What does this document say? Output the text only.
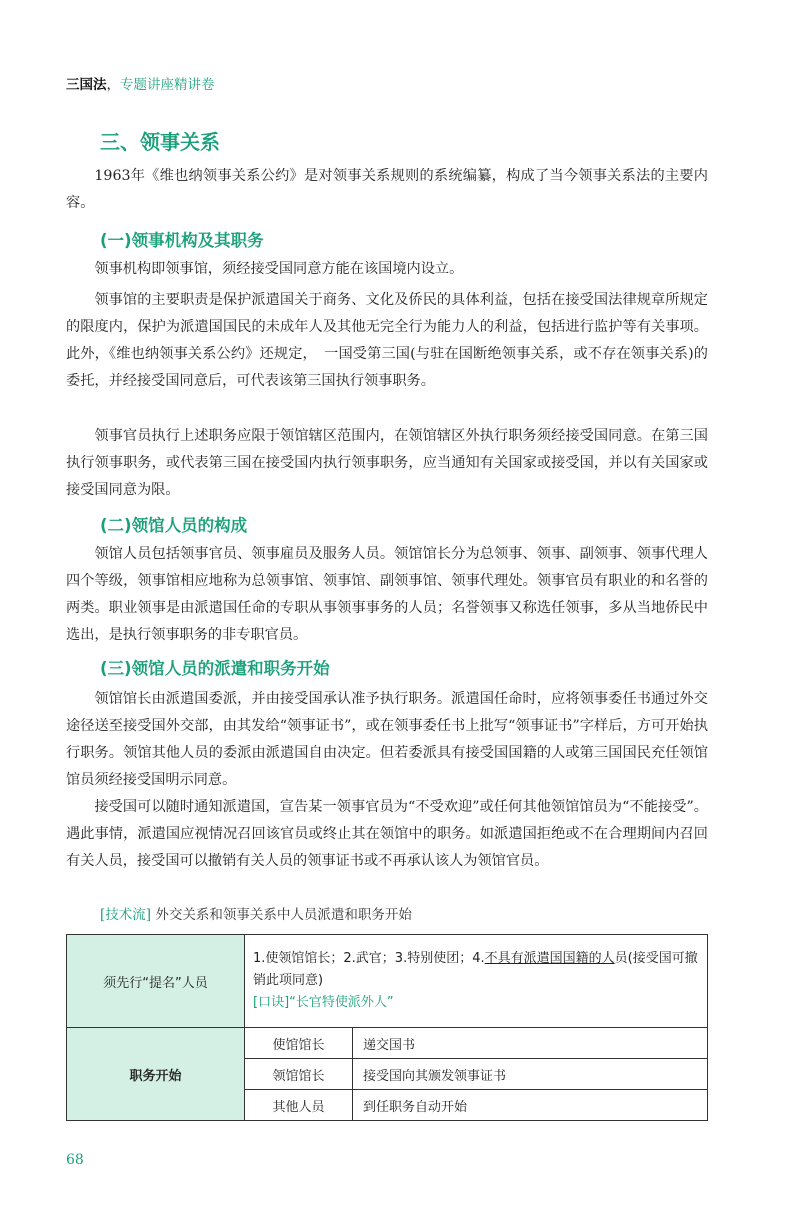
三国法，专题讲座精讲卷
三、领事关系

1963年《维也纳领事关系公约》是对领事关系规则的系统编纂，构成了当今领事关系法的主要内容。

(一)领事机构及其职务

领事机构即领事馆，须经接受国同意方能在该国境内设立。

领事馆的主要职责是保护派遣国关于商务、文化及侨民的具体利益，包括在接受国法律规章所规定的限度内，保护为派遣国国民的未成年人及其他无完全行为能力人的利益，包括进行监护等有关事项。此外，《维也纳领事关系公约》还规定，　一国受第三国(与驻在国断绝领事关系，或不存在领事关系)的委托，并经接受国同意后，可代表该第三国执行领事职务。

领事官员执行上述职务应限于领馆辖区范围内，在领馆辖区外执行职务须经接受国同意。在第三国执行领事职务，或代表第三国在接受国内执行领事职务，应当通知有关国家或接受国，并以有关国家或接受国同意为限。

(二)领馆人员的构成

领馆人员包括领事官员、领事雇员及服务人员。领馆馆长分为总领事、领事、副领事、领事代理人四个等级，领事馆相应地称为总领事馆、领事馆、副领事馆、领事代理处。领事官员有职业的和名誉的两类。职业领事是由派遣国任命的专职从事领事事务的人员；名誉领事又称选任领事，多从当地侨民中选出，是执行领事职务的非专职官员。

(三)领馆人员的派遣和职务开始

领馆馆长由派遣国委派，并由接受国承认准予执行职务。派遣国任命时，应将领事委任书通过外交途径送至接受国外交部，由其发给“领事证书”，或在领事委任书上批写“领事证书”字样后，方可开始执行职务。领馆其他人员的委派由派遣国自由决定。但若委派具有接受国国籍的人或第三国国民充任领馆馆员须经接受国明示同意。

接受国可以随时通知派遣国，宣告某一领事官员为“不受欢迎”或任何其他领馆馆员为“不能接受”。遇此事情，派遣国应视情况召回该官员或终止其在领馆中的职务。如派遣国拒绝或不在合理期间内召回有关人员，接受国可以撤销有关人员的领事证书或不再承认该人为领馆官员。

[技术流] 外交关系和领事关系中人员派遣和职务开始
须先行“提名”人员	1.使领馆馆长；2.武官；3.特别使团；4.不具有派遣国国籍的人员(接受国可撤销此项同意)
[口诀]“长官特使派外人”	
职务开始	使馆馆长	递交国书
	领馆馆长	接受国向其颁发领事证书
	其他人员	到任职务自动开始
68
